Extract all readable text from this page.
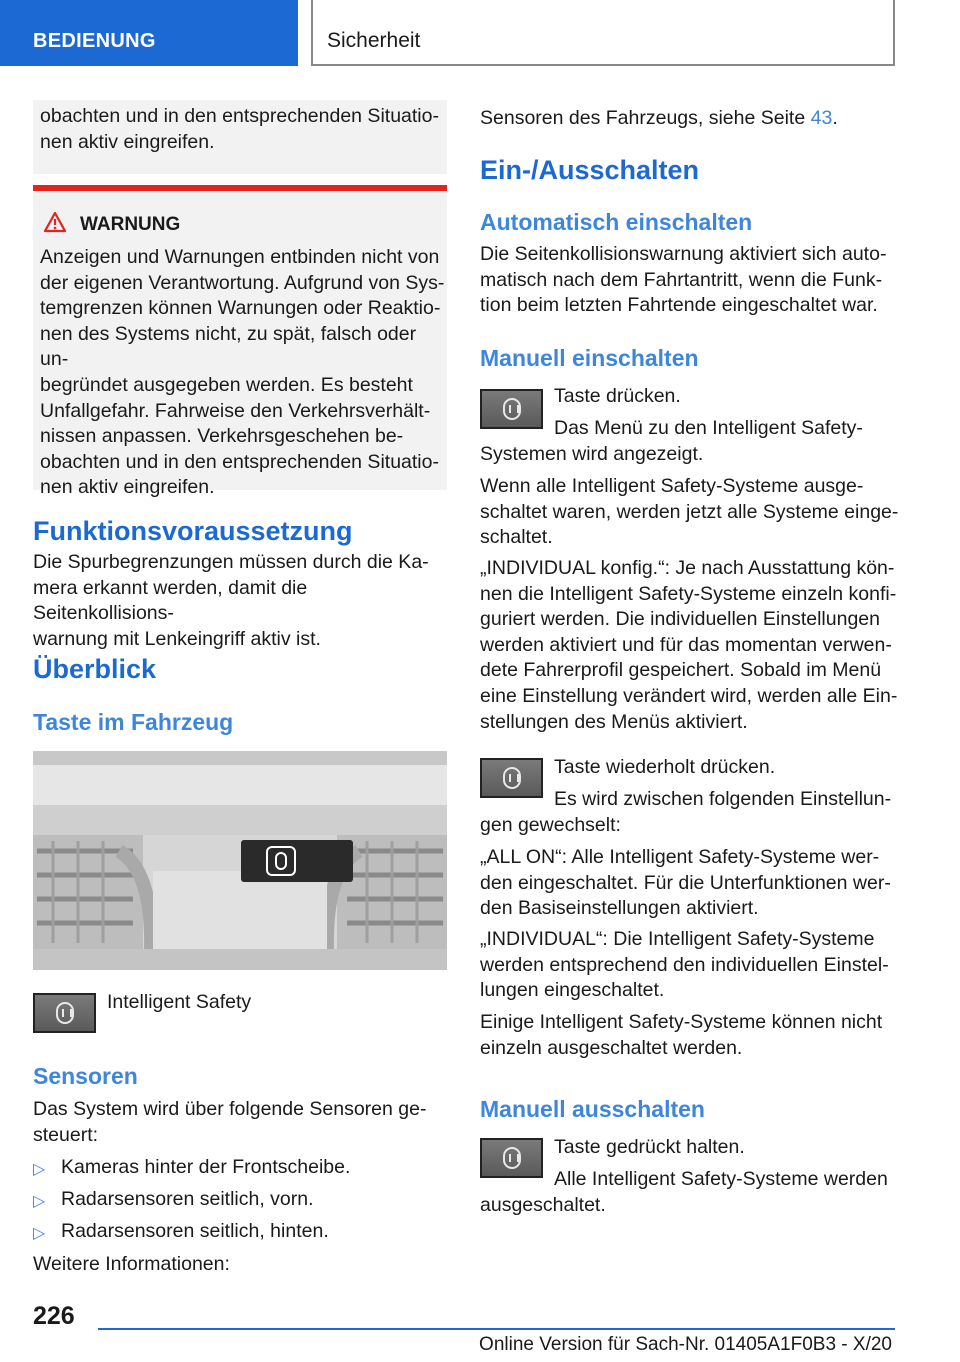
BEDIENUNG	Sicherheit
obachten und in den entsprechenden Situatio-
nen aktiv eingreifen.
WARNUNG
Anzeigen und Warnungen entbinden nicht von
der eigenen Verantwortung. Aufgrund von Sys-
temgrenzen können Warnungen oder Reaktio-
nen des Systems nicht, zu spät, falsch oder un-
begründet ausgegeben werden. Es besteht
Unfallgefahr. Fahrweise den Verkehrsverhält-
nissen anpassen. Verkehrsgeschehen be-
obachten und in den entsprechenden Situatio-
nen aktiv eingreifen.
Funktionsvoraussetzung
Die Spurbegrenzungen müssen durch die Ka-
mera erkannt werden, damit die Seitenkollisions-
warnung mit Lenkeingriff aktiv ist.
Überblick
Taste im Fahrzeug
Intelligent Safety
Sensoren
Das System wird über folgende Sensoren ge-
steuert:
▷ Kameras hinter der Frontscheibe.
▷ Radarsensoren seitlich, vorn.
▷ Radarsensoren seitlich, hinten.
Weitere Informationen:
Sensoren des Fahrzeugs, siehe Seite 43.
Ein-/Ausschalten
Automatisch einschalten
Die Seitenkollisionswarnung aktiviert sich auto-
matisch nach dem Fahrtantritt, wenn die Funk-
tion beim letzten Fahrtende eingeschaltet war.
Manuell einschalten
Taste drücken.
Das Menü zu den Intelligent Safety-
Systemen wird angezeigt.
Wenn alle Intelligent Safety-Systeme ausge-
schaltet waren, werden jetzt alle Systeme einge-
schaltet.
„INDIVIDUAL konfig.“: Je nach Ausstattung kön-
nen die Intelligent Safety-Systeme einzeln konfi-
guriert werden. Die individuellen Einstellungen
werden aktiviert und für das momentan verwen-
dete Fahrerprofil gespeichert. Sobald im Menü
eine Einstellung verändert wird, werden alle Ein-
stellungen des Menüs aktiviert.
Taste wiederholt drücken.
Es wird zwischen folgenden Einstellun-
gen gewechselt:
„ALL ON“: Alle Intelligent Safety-Systeme wer-
den eingeschaltet. Für die Unterfunktionen wer-
den Basiseinstellungen aktiviert.
„INDIVIDUAL“: Die Intelligent Safety-Systeme
werden entsprechend den individuellen Einstel-
lungen eingeschaltet.
Einige Intelligent Safety-Systeme können nicht
einzeln ausgeschaltet werden.
Manuell ausschalten
Taste gedrückt halten.
Alle Intelligent Safety-Systeme werden
ausgeschaltet.
226
Online Version für Sach-Nr. 01405A1F0B3 - X/20
